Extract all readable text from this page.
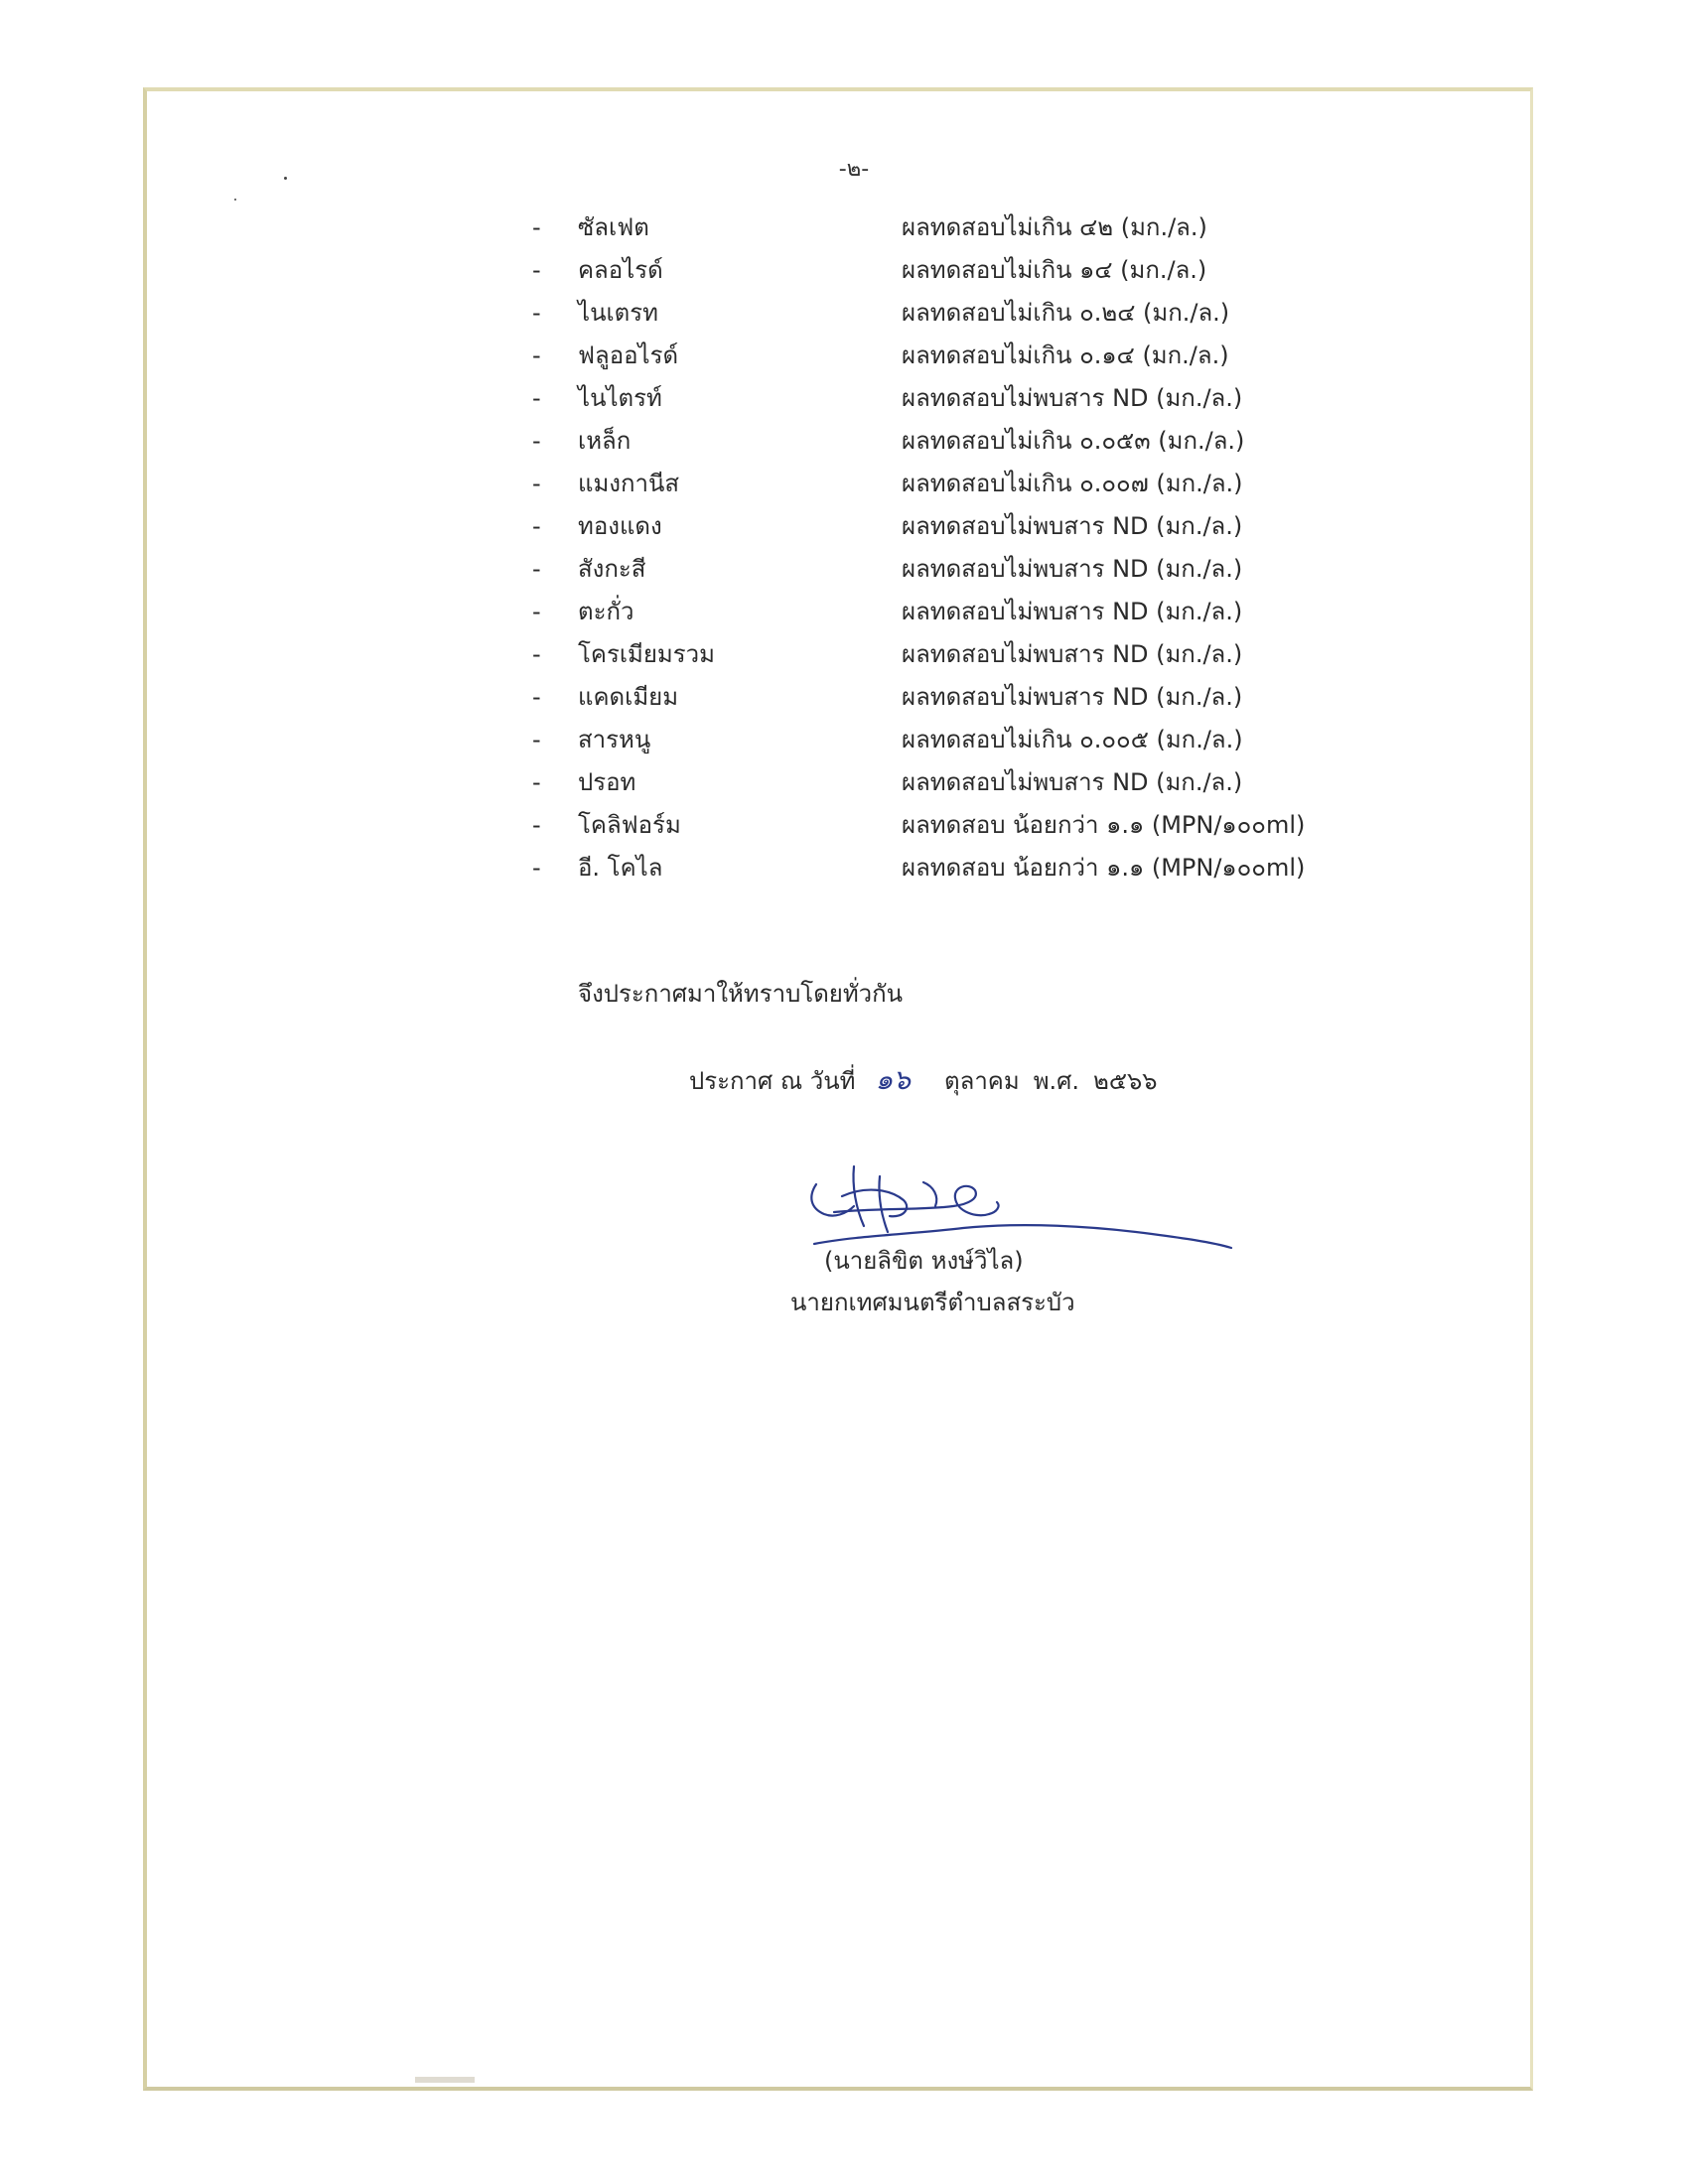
-๒-
- ซัลเฟต	ผลทดสอบไม่เกิน ๔๒ (มก./ล.)
- คลอไรด์	ผลทดสอบไม่เกิน ๑๔ (มก./ล.)
- ไนเตรท	ผลทดสอบไม่เกิน ๐.๒๔ (มก./ล.)
- ฟลูออไรด์	ผลทดสอบไม่เกิน ๐.๑๔ (มก./ล.)
- ไนไตรท์	ผลทดสอบไม่พบสาร ND (มก./ล.)
- เหล็ก	ผลทดสอบไม่เกิน ๐.๐๕๓ (มก./ล.)
- แมงกานีส	ผลทดสอบไม่เกิน ๐.๐๐๗ (มก./ล.)
- ทองแดง	ผลทดสอบไม่พบสาร ND (มก./ล.)
- สังกะสี	ผลทดสอบไม่พบสาร ND (มก./ล.)
- ตะกั่ว	ผลทดสอบไม่พบสาร ND (มก./ล.)
- โครเมียมรวม	ผลทดสอบไม่พบสาร ND (มก./ล.)
- แคดเมียม	ผลทดสอบไม่พบสาร ND (มก./ล.)
- สารหนู	ผลทดสอบไม่เกิน ๐.๐๐๕ (มก./ล.)
- ปรอท	ผลทดสอบไม่พบสาร ND (มก./ล.)
- โคลิฟอร์ม	ผลทดสอบ น้อยกว่า ๑.๑ (MPN/๑๐๐ml)
- อี. โคไล	ผลทดสอบ น้อยกว่า ๑.๑ (MPN/๑๐๐ml)
จึงประกาศมาให้ทราบโดยทั่วกัน
ประกาศ ณ วันที่ ๑๖ ตุลาคม พ.ศ. ๒๕๖๖
(นายลิขิต หงษ์วิไล)
นายกเทศมนตรีตำบลสระบัว
